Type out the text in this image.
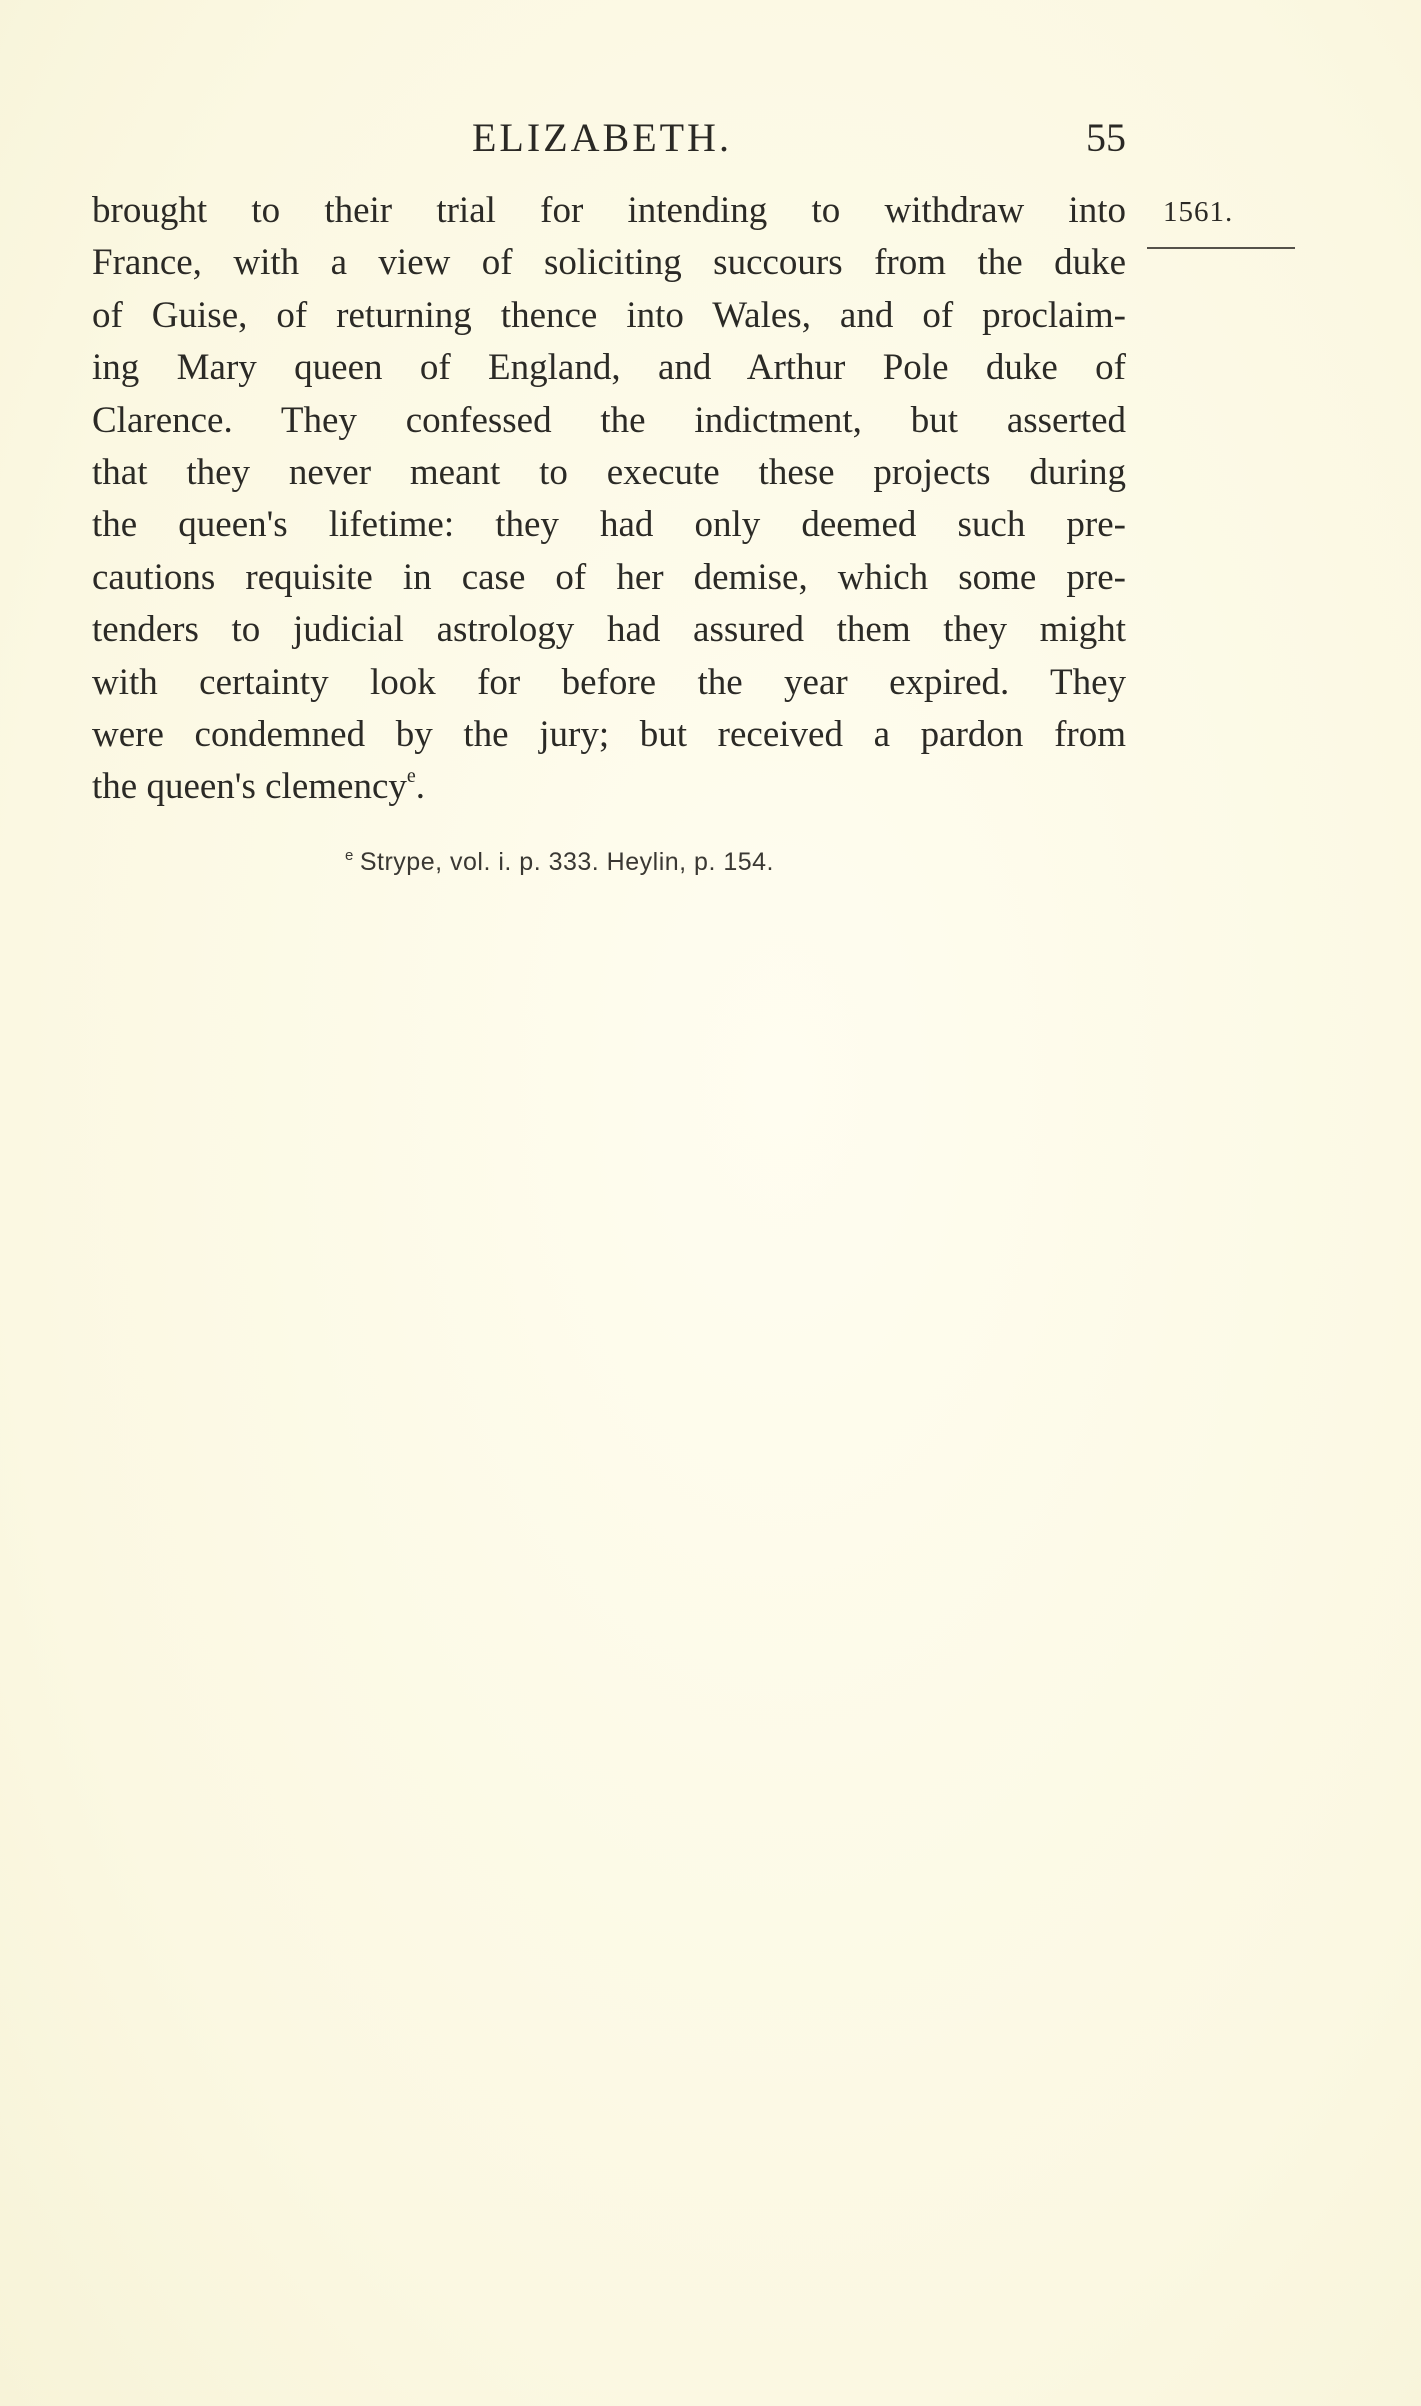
ELIZABETH.	55
1561.
brought to their trial for intending to withdraw into
France, with a view of soliciting succours from the duke
of Guise, of returning thence into Wales, and of proclaim-
ing Mary queen of England, and Arthur Pole duke of
Clarence. They confessed the indictment, but asserted
that they never meant to execute these projects during
the queen's lifetime: they had only deemed such pre-
cautions requisite in case of her demise, which some pre-
tenders to judicial astrology had assured them they might
with certainty look for before the year expired. They
were condemned by the jury; but received a pardon from
the queen's clemency$^e$.
$^e$ Strype, vol. i. p. 333. Heylin, p. 154.
